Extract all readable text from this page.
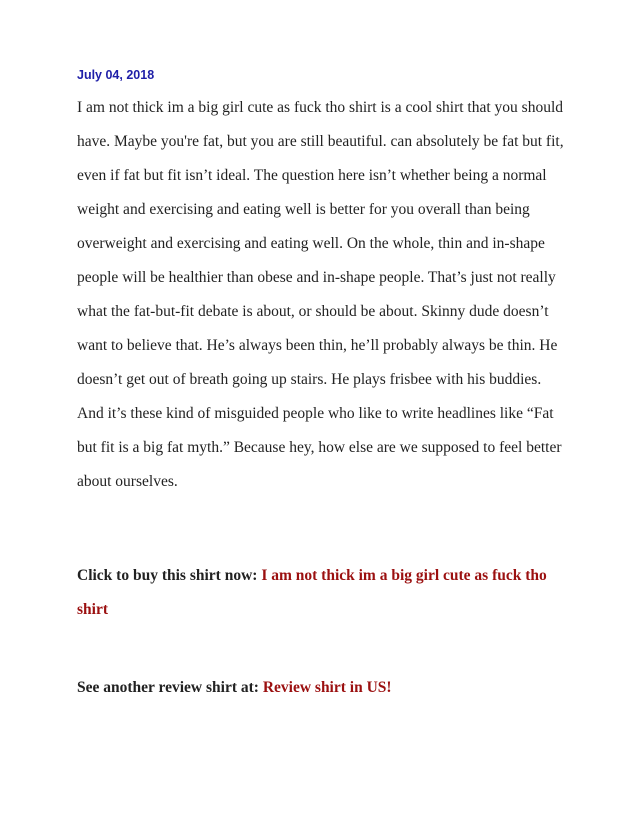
July 04, 2018

I am not thick im a big girl cute as fuck tho shirt is a cool shirt that you should have. Maybe you're fat, but you are still beautiful. can absolutely be fat but fit, even if fat but fit isn’t ideal. The question here isn’t whether being a normal weight and exercising and eating well is better for you overall than being overweight and exercising and eating well. On the whole, thin and in-shape people will be healthier than obese and in-shape people. That’s just not really what the fat-but-fit debate is about, or should be about. Skinny dude doesn’t want to believe that. He’s always been thin, he’ll probably always be thin. He doesn’t get out of breath going up stairs. He plays frisbee with his buddies. And it’s these kind of misguided people who like to write headlines like “Fat but fit is a big fat myth.” Because hey, how else are we supposed to feel better about ourselves.

Click to buy this shirt now: I am not thick im a big girl cute as fuck tho shirt

See another review shirt at: Review shirt in US!
